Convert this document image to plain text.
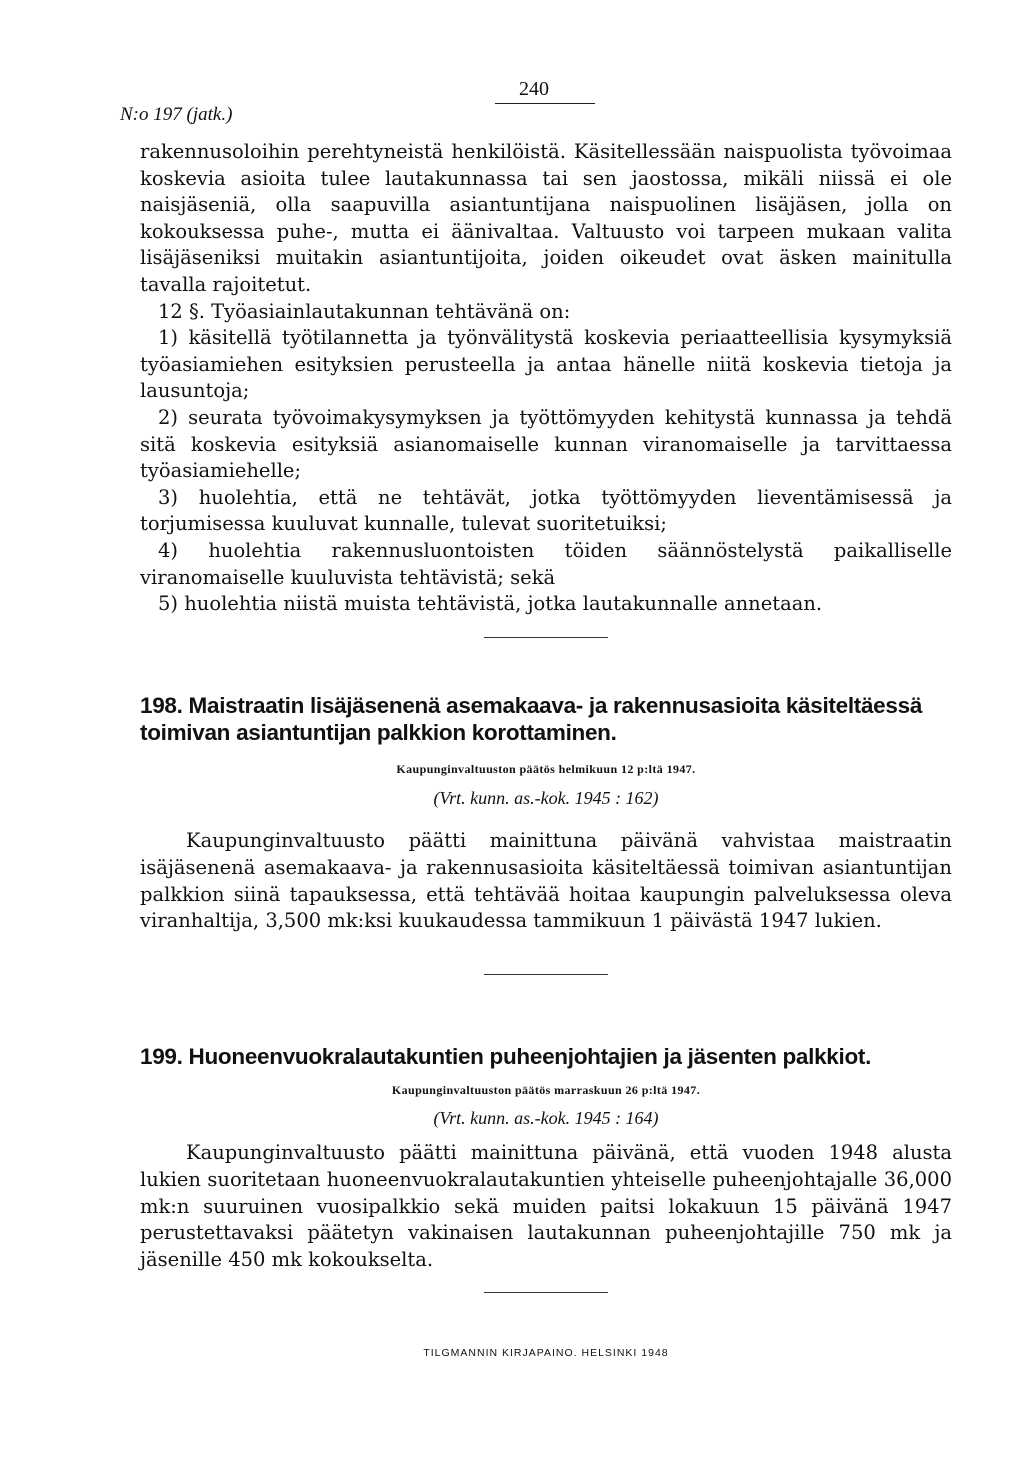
240
N:o 197 (jatk.)

rakennusoloihin perehtyneistä henkilöistä. Käsitellessään naispuolista työvoimaa koskevia asioita tulee lautakunnassa tai sen jaostossa, mikäli niissä ei ole naisjäseniä, olla saapuvilla asiantuntijana naispuolinen lisäjäsen, jolla on kokouksessa puhe-, mutta ei äänivaltaa. Valtuusto voi tarpeen mukaan valita lisäjäseniksi muitakin asiantuntijoita, joiden oikeudet ovat äsken mainitulla tavalla rajoitetut.

12 §. Työasiainlautakunnan tehtävänä on:

1) käsitellä työtilannetta ja työnvälitystä koskevia periaatteellisia kysymyksiä työasiamiehen esityksien perusteella ja antaa hänelle niitä koskevia tietoja ja lausuntoja;

2) seurata työvoimakysymyksen ja työttömyyden kehitystä kunnassa ja tehdä sitä koskevia esityksiä asianomaiselle kunnan viranomaiselle ja tarvittaessa työasiamiehelle;

3) huolehtia, että ne tehtävät, jotka työttömyyden lieventämisessä ja torjumisessa kuuluvat kunnalle, tulevat suoritetuiksi;

4) huolehtia rakennusluontoisten töiden säännöstelystä paikalliselle viranomaiselle kuuluvista tehtävistä; sekä

5) huolehtia niistä muista tehtävistä, jotka lautakunnalle annetaan.

198. Maistraatin lisäjäsenenä asemakaava- ja rakennusasioita käsiteltäessä toimivan asiantuntijan palkkion korottaminen.
Kaupunginvaltuuston päätös helmikuun 12 p:ltä 1947.
(Vrt. kunn. as.-kok. 1945 : 162)

Kaupunginvaltuusto päätti mainittuna päivänä vahvistaa maistraatin isäjäsenenä asemakaava- ja rakennusasioita käsiteltäessä toimivan asiantuntijan palkkion siinä tapauksessa, että tehtävää hoitaa kaupungin palveluksessa oleva viranhaltija, 3,500 mk:ksi kuukaudessa tammikuun 1 päivästä 1947 lukien.

199. Huoneenvuokralautakuntien puheenjohtajien ja jäsenten palkkiot.
Kaupunginvaltuuston päätös marraskuun 26 p:ltä 1947.
(Vrt. kunn. as.-kok. 1945 : 164)

Kaupunginvaltuusto päätti mainittuna päivänä, että vuoden 1948 alusta lukien suoritetaan huoneenvuokralautakuntien yhteiselle puheenjohtajalle 36,000 mk:n suuruinen vuosipalkkio sekä muiden paitsi lokakuun 15 päivänä 1947 perustettavaksi päätetyn vakinaisen lautakunnan puheenjohtajille 750 mk ja jäsenille 450 mk kokoukselta.

TILGMANNIN KIRJAPAINO. HELSINKI 1948
